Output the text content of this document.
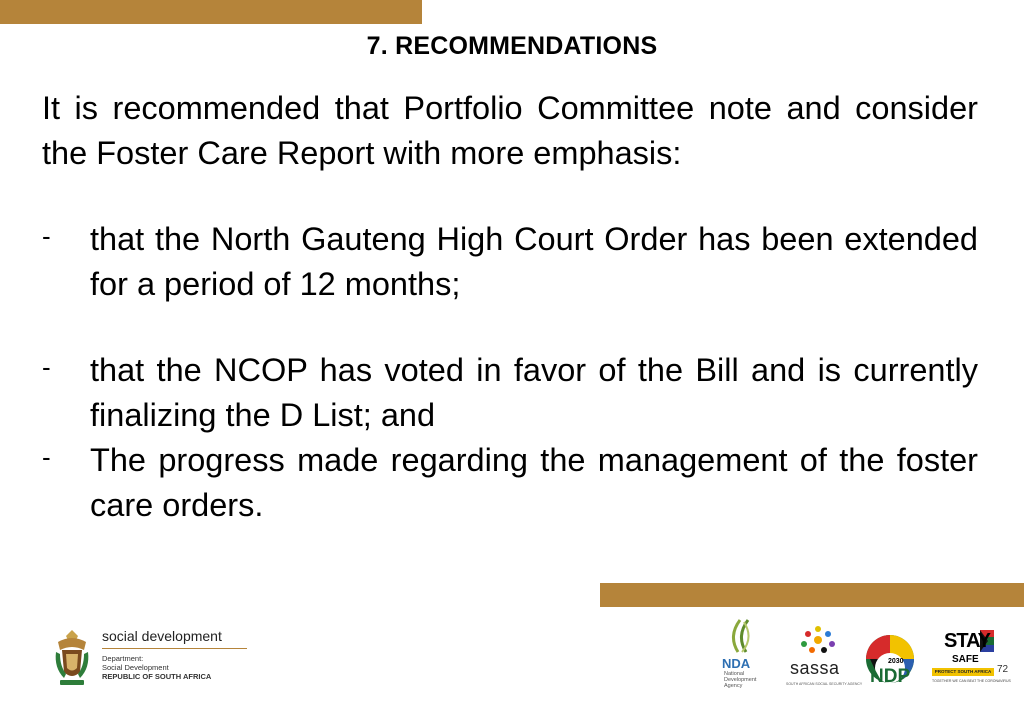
7. RECOMMENDATIONS

It is recommended that Portfolio Committee note and consider the Foster Care Report with more emphasis:

- that the North Gauteng High Court Order has been extended for a period of 12 months;
- that the NCOP has voted in favor of the Bill and is currently finalizing the D List; and
- The progress made regarding the management of the foster care orders.
social development
Department:
Social Development
REPUBLIC OF SOUTH AFRICA
NDA
National Development Agency
sassa
SOUTH AFRICAN SOCIAL SECURITY AGENCY
2030
NDP
STAY
SAFE
PROTECT SOUTH AFRICA
TOGETHER WE CAN BEAT THE CORONAVIRUS
72
